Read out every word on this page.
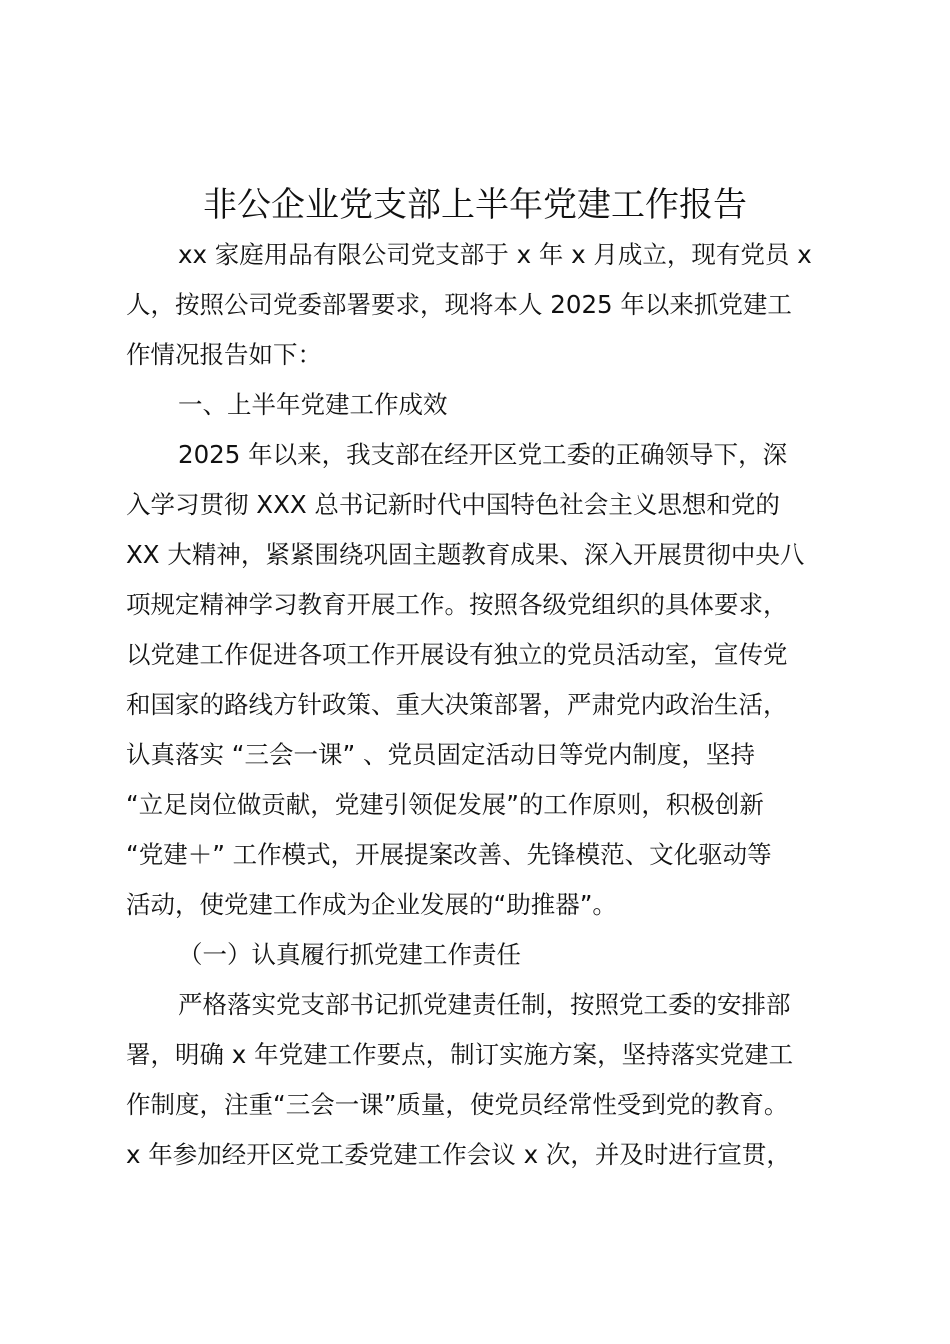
非公企业党支部上半年党建工作报告

xx 家庭用品有限公司党支部于 x 年 x 月成立，现有党员 x

人，按照公司党委部署要求，现将本人 2025 年以来抓党建工

作情况报告如下：

一、上半年党建工作成效

2025 年以来，我支部在经开区党工委的正确领导下，深

入学习贯彻 XXX 总书记新时代中国特色社会主义思想和党的

XX 大精神，紧紧围绕巩固主题教育成果、深入开展贯彻中央八

项规定精神学习教育开展工作。按照各级党组织的具体要求，

以党建工作促进各项工作开展设有独立的党员活动室，宣传党

和国家的路线方针政策、重大决策部署，严肃党内政治生活，

认真落实 “三会一课” 、党员固定活动日等党内制度，坚持

“立足岗位做贡献，党建引领促发展”的工作原则，积极创新

“党建＋” 工作模式，开展提案改善、先锋模范、文化驱动等

活动，使党建工作成为企业发展的“助推器”。

（一）认真履行抓党建工作责任

严格落实党支部书记抓党建责任制，按照党工委的安排部

署，明确 x 年党建工作要点，制订实施方案，坚持落实党建工

作制度，注重“三会一课”质量，使党员经常性受到党的教育。

x 年参加经开区党工委党建工作会议 x 次，并及时进行宣贯，
